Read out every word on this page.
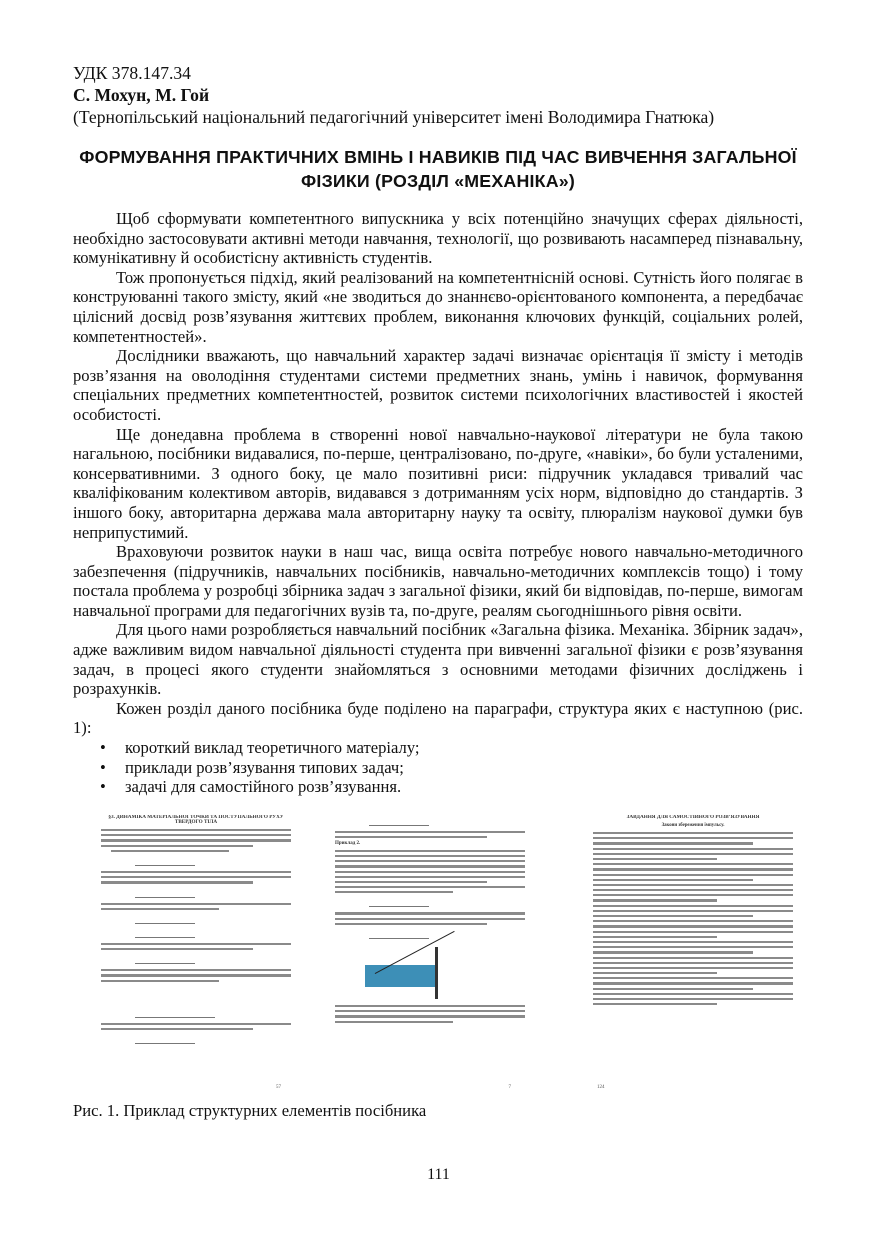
УДК 378.147.34
С. Мохун, М. Гой
(Тернопільський національний педагогічний університет імені Володимира Гнатюка)
ФОРМУВАННЯ ПРАКТИЧНИХ ВМІНЬ І НАВИКІВ ПІД ЧАС ВИВЧЕННЯ ЗАГАЛЬНОЇ ФІЗИКИ (РОЗДІЛ «МЕХАНІКА»)

Щоб сформувати компетентного випускника у всіх потенційно значущих сферах діяльності, необхідно застосовувати активні методи навчання, технології, що розвивають насамперед пізнавальну, комунікативну й особистісну активність студентів.

Тож пропонується підхід, який реалізований на компетентнісній основі. Сутність його полягає в конструюванні такого змісту, який «не зводиться до знаннєво-орієнтованого компонента, а передбачає цілісний досвід розв’язування життєвих проблем, виконання ключових функцій, соціальних ролей, компетентностей».

Дослідники вважають, що навчальний характер задачі визначає орієнтація її змісту і методів розв’язання на оволодіння студентами системи предметних знань, умінь і навичок, формування спеціальних предметних компетентностей, розвиток системи психологічних властивостей і якостей особистості.

Ще донедавна проблема в створенні нової навчально-наукової літератури не була такою нагальною, посібники видавалися, по-перше, централізовано, по-друге, «навіки», бо були усталеними, консервативними. З одного боку, це мало позитивні риси: підручник укладався тривалий час кваліфікованим колективом авторів, видавався з дотриманням усіх норм, відповідно до стандартів. З іншого боку, авторитарна держава мала авторитарну науку та освіту, плюралізм наукової думки був неприпустимий.

Враховуючи розвиток науки в наш час, вища освіта потребує нового навчально-методичного забезпечення (підручників, навчальних посібників, навчально-методичних комплексів тощо) і тому постала проблема у розробці збірника задач з загальної фізики, який би відповідав, по-перше, вимогам навчальної програми для педагогічних вузів та, по-друге, реалям сьогоднішнього рівня освіти.

Для цього нами розробляється навчальний посібник «Загальна фізика. Механіка. Збірник задач», адже важливим видом навчальної діяльності студента при вивченні загальної фізики є розв’язування задач, в процесі якого студенти знайомляться з основними методами фізичних досліджень і розрахунків.

Кожен розділ даного посібника буде поділено на параграфи, структура яких є наступною (рис. 1):

• короткий виклад теоретичного матеріалу;
• приклади розв’язування типових задач;
• задачі для самостійного розв’язування.
§3. ДИНАМІКА МАТЕРІАЛЬНОЇ ТОЧКИ ТА ПОСТУПАЛЬНОГО РУХУ ТВЕРДОГО ТІЛА
57
Приклад 2.
7
ЗАВДАННЯ ДЛЯ САМОСТІЙНОГО РОЗВ’ЯЗУВАННЯ
Закони збереження імпульсу.
124
Рис. 1. Приклад структурних елементів посібника
111
